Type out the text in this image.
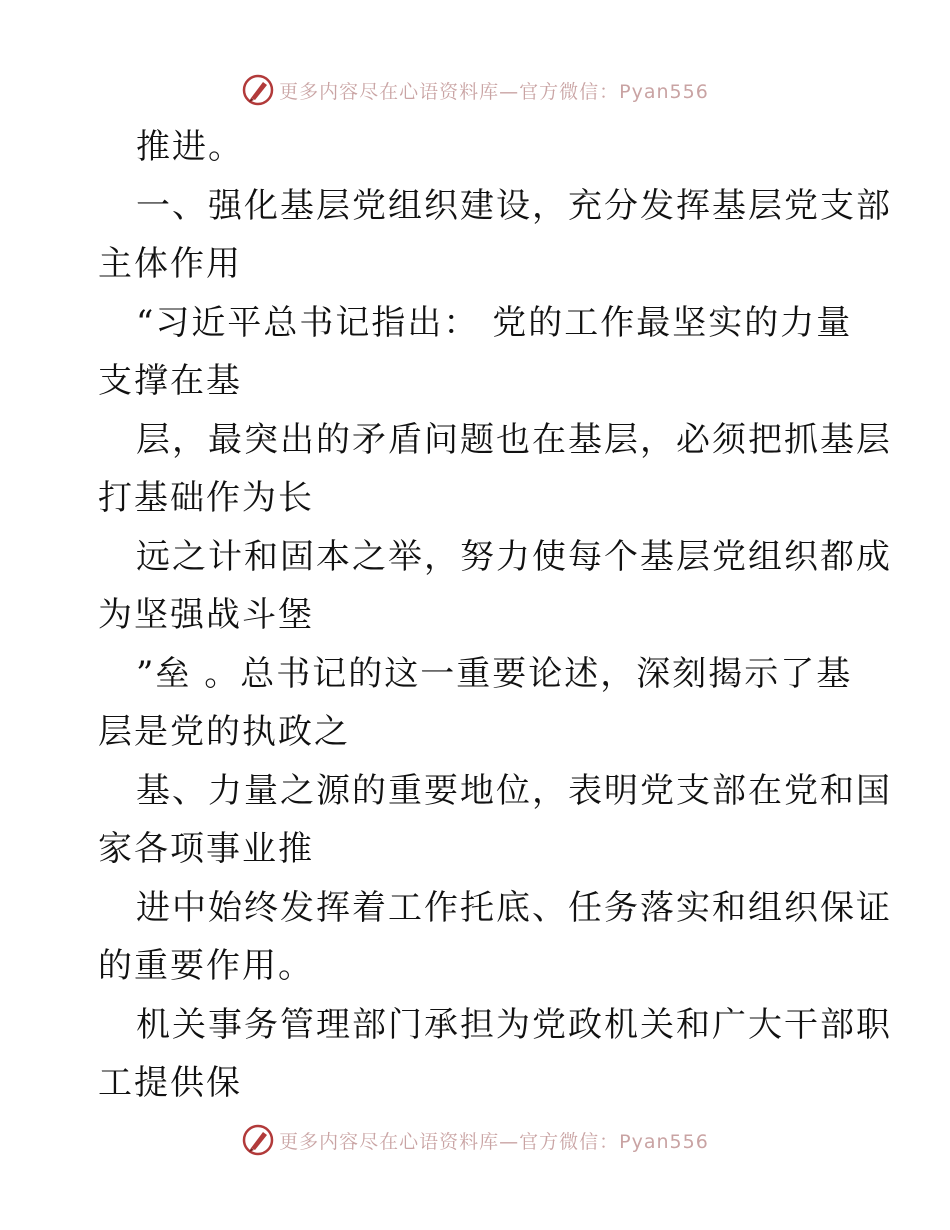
更多内容尽在心语资料库—官方微信：Pyan556
推进。
一、强化基层党组织建设，充分发挥基层党支部
主体作用
“习近平总书记指出： 党的工作最坚实的力量
支撑在基
层，最突出的矛盾问题也在基层，必须把抓基层
打基础作为长
远之计和固本之举，努力使每个基层党组织都成
为坚强战斗堡
”垒 。总书记的这一重要论述，深刻揭示了基
层是党的执政之
基、力量之源的重要地位，表明党支部在党和国
家各项事业推
进中始终发挥着工作托底、任务落实和组织保证
的重要作用。
机关事务管理部门承担为党政机关和广大干部职
工提供保
更多内容尽在心语资料库—官方微信：Pyan556
